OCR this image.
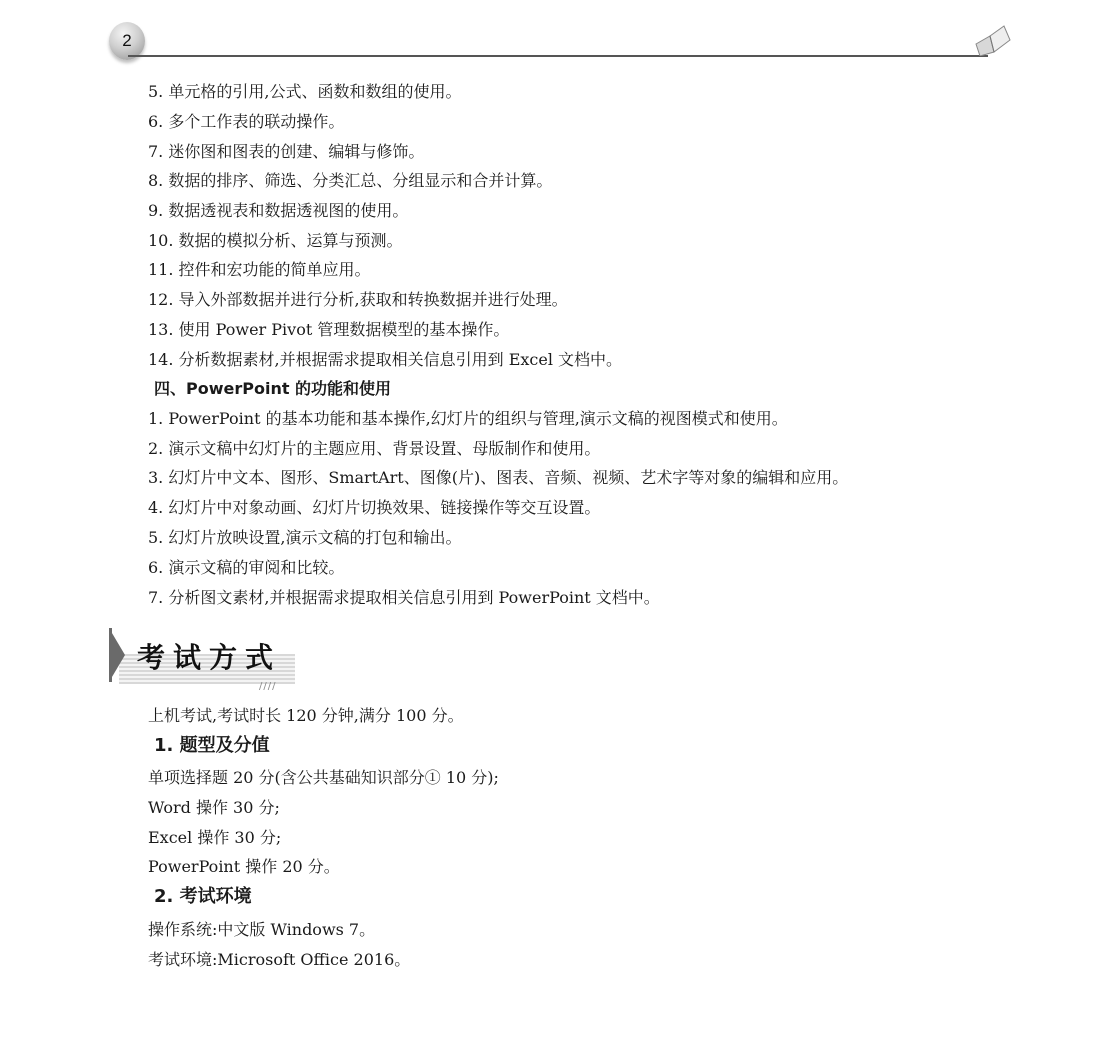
2
5. 单元格的引用,公式、函数和数组的使用。
6. 多个工作表的联动操作。
7. 迷你图和图表的创建、编辑与修饰。
8. 数据的排序、筛选、分类汇总、分组显示和合并计算。
9. 数据透视表和数据透视图的使用。
10. 数据的模拟分析、运算与预测。
11. 控件和宏功能的简单应用。
12. 导入外部数据并进行分析,获取和转换数据并进行处理。
13. 使用 Power Pivot 管理数据模型的基本操作。
14. 分析数据素材,并根据需求提取相关信息引用到 Excel 文档中。
四、PowerPoint 的功能和使用
1. PowerPoint 的基本功能和基本操作,幻灯片的组织与管理,演示文稿的视图模式和使用。
2. 演示文稿中幻灯片的主题应用、背景设置、母版制作和使用。
3. 幻灯片中文本、图形、SmartArt、图像(片)、图表、音频、视频、艺术字等对象的编辑和应用。
4. 幻灯片中对象动画、幻灯片切换效果、链接操作等交互设置。
5. 幻灯片放映设置,演示文稿的打包和输出。
6. 演示文稿的审阅和比较。
7. 分析图文素材,并根据需求提取相关信息引用到 PowerPoint 文档中。
考试方式
////
上机考试,考试时长 120 分钟,满分 100 分。
1. 题型及分值
单项选择题 20 分(含公共基础知识部分① 10 分);
Word 操作 30 分;
Excel 操作 30 分;
PowerPoint 操作 20 分。
2. 考试环境
操作系统:中文版 Windows 7。
考试环境:Microsoft Office 2016。
